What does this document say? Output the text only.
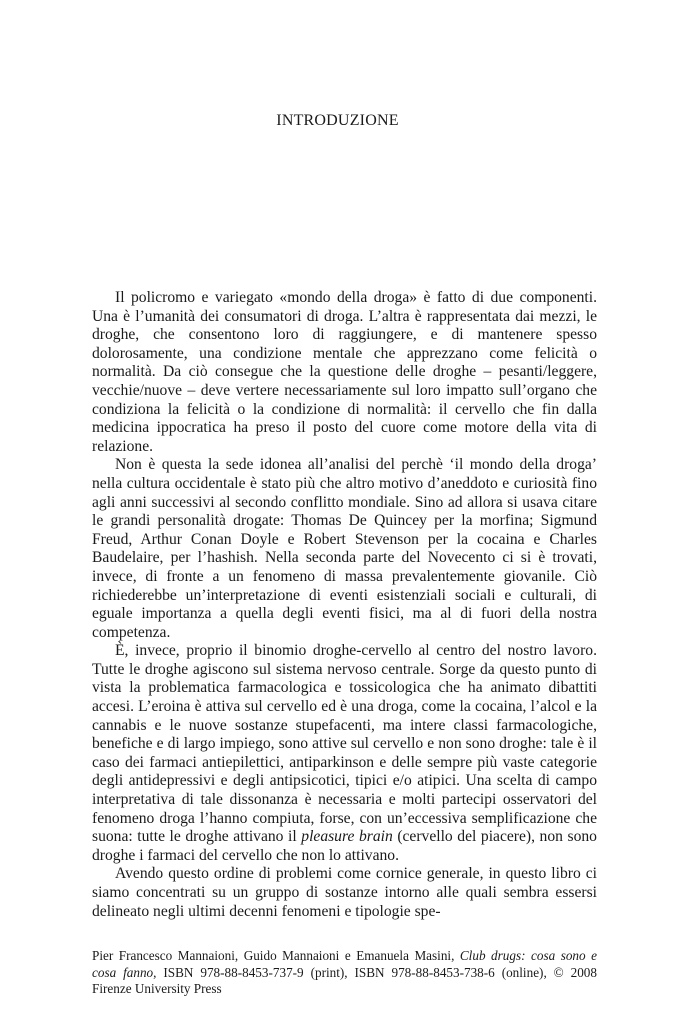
INTRODUZIONE

Il policromo e variegato «mondo della droga» è fatto di due componenti. Una è l’umanità dei consumatori di droga. L’altra è rappresentata dai mezzi, le droghe, che consentono loro di raggiungere, e di mantenere spesso dolorosamente, una condizione mentale che apprezzano come felicità o normalità. Da ciò consegue che la questione delle droghe – pesanti/leggere, vecchie/nuove – deve vertere necessariamente sul loro impatto sull’organo che condiziona la felicità o la condizione di normalità: il cervello che fin dalla medicina ippocratica ha preso il posto del cuore come motore della vita di relazione.

Non è questa la sede idonea all’analisi del perchè ‘il mondo della droga’ nella cultura occidentale è stato più che altro motivo d’aneddoto e curiosità fino agli anni successivi al secondo conflitto mondiale. Sino ad allora si usava citare le grandi personalità drogate: Thomas De Quincey per la morfina; Sigmund Freud, Arthur Conan Doyle e Robert Stevenson per la cocaina e Charles Baudelaire, per l’hashish. Nella seconda parte del Novecento ci si è trovati, invece, di fronte a un fenomeno di massa prevalentemente giovanile. Ciò richiederebbe un’interpretazione di eventi esistenziali sociali e culturali, di eguale importanza a quella degli eventi fisici, ma al di fuori della nostra competenza.

È, invece, proprio il binomio droghe-cervello al centro del nostro lavoro. Tutte le droghe agiscono sul sistema nervoso centrale. Sorge da questo punto di vista la problematica farmacologica e tossicologica che ha animato dibattiti accesi. L’eroina è attiva sul cervello ed è una droga, come la cocaina, l’alcol e la cannabis e le nuove sostanze stupefacenti, ma intere classi farmacologiche, benefiche e di largo impiego, sono attive sul cervello e non sono droghe: tale è il caso dei farmaci antiepilettici, antiparkinson e delle sempre più vaste categorie degli antidepressivi e degli antipsicotici, tipici e/o atipici. Una scelta di campo interpretativa di tale dissonanza è necessaria e molti partecipi osservatori del fenomeno droga l’hanno compiuta, forse, con un’eccessiva semplificazione che suona: tutte le droghe attivano il pleasure brain (cervello del piacere), non sono droghe i farmaci del cervello che non lo attivano.

Avendo questo ordine di problemi come cornice generale, in questo libro ci siamo concentrati su un gruppo di sostanze intorno alle quali sembra essersi delineato negli ultimi decenni fenomeni e tipologie spe-

Pier Francesco Mannaioni, Guido Mannaioni e Emanuela Masini, Club drugs: cosa sono e cosa fanno, ISBN 978-88-8453-737-9 (print), ISBN 978-88-8453-738-6 (online), © 2008 Firenze University Press
